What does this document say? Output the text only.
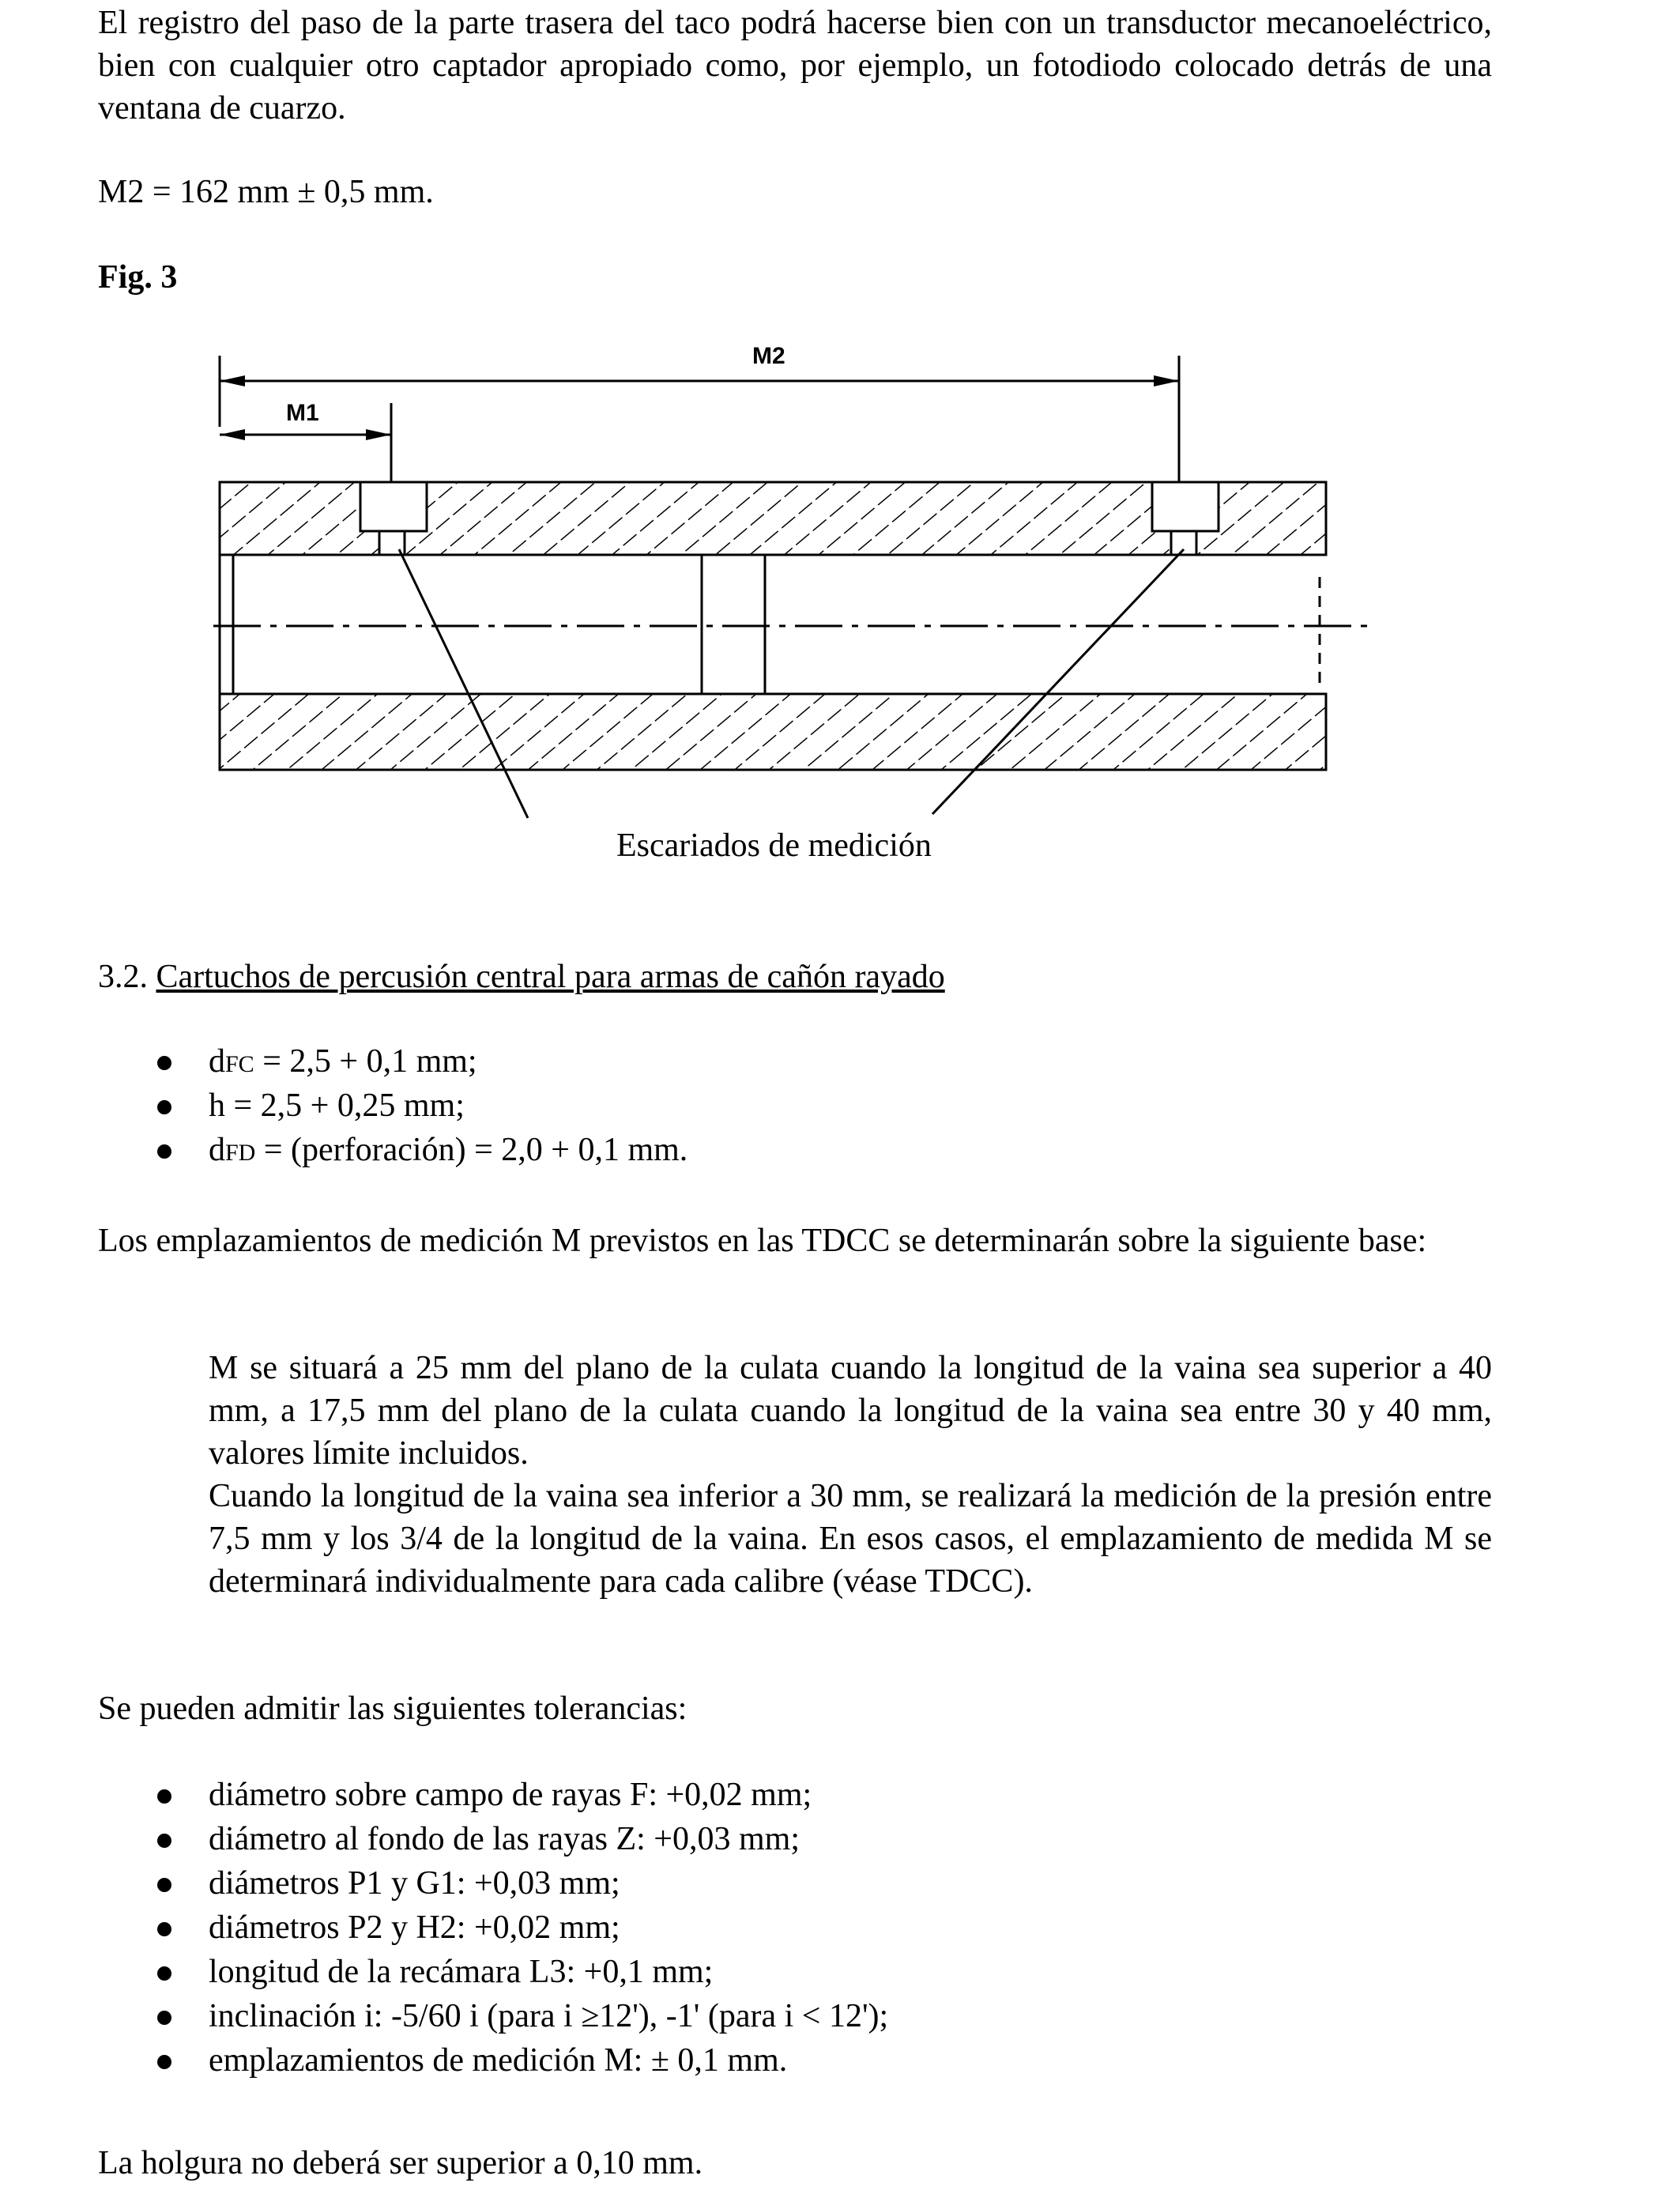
El registro del paso de la parte trasera del taco podrá hacerse bien con un transductor mecanoeléctrico, bien con cualquier otro captador apropiado como, por ejemplo, un fotodiodo colocado detrás de una ventana de cuarzo.

M2 = 162 mm ± 0,5 mm.

Fig. 3

M2
M1
Escariados de medición
3.2. Cartuchos de percusión central para armas de cañón rayado
dFC = 2,5 + 0,1 mm;
h = 2,5 + 0,25 mm;
dFD = (perforación) = 2,0 + 0,1 mm.

Los emplazamientos de medición M previstos en las TDCC se determinarán sobre la siguiente base:

M se situará a 25 mm del plano de la culata cuando la longitud de la vaina sea superior a 40 mm, a 17,5 mm del plano de la culata cuando la longitud de la vaina sea entre 30 y 40 mm, valores límite incluidos.

Cuando la longitud de la vaina sea inferior a 30 mm, se realizará la medición de la presión entre 7,5 mm y los 3/4 de la longitud de la vaina. En esos casos, el emplazamiento de medida M se determinará individualmente para cada calibre (véase TDCC).

Se pueden admitir las siguientes tolerancias:

diámetro sobre campo de rayas F: +0,02 mm;
diámetro al fondo de las rayas Z: +0,03 mm;
diámetros P1 y G1: +0,03 mm;
diámetros P2 y H2: +0,02 mm;
longitud de la recámara L3: +0,1 mm;
inclinación i: -5/60 i (para i ≥12'), -1' (para i < 12');
emplazamientos de medición M: ± 0,1 mm.

La holgura no deberá ser superior a 0,10 mm.
